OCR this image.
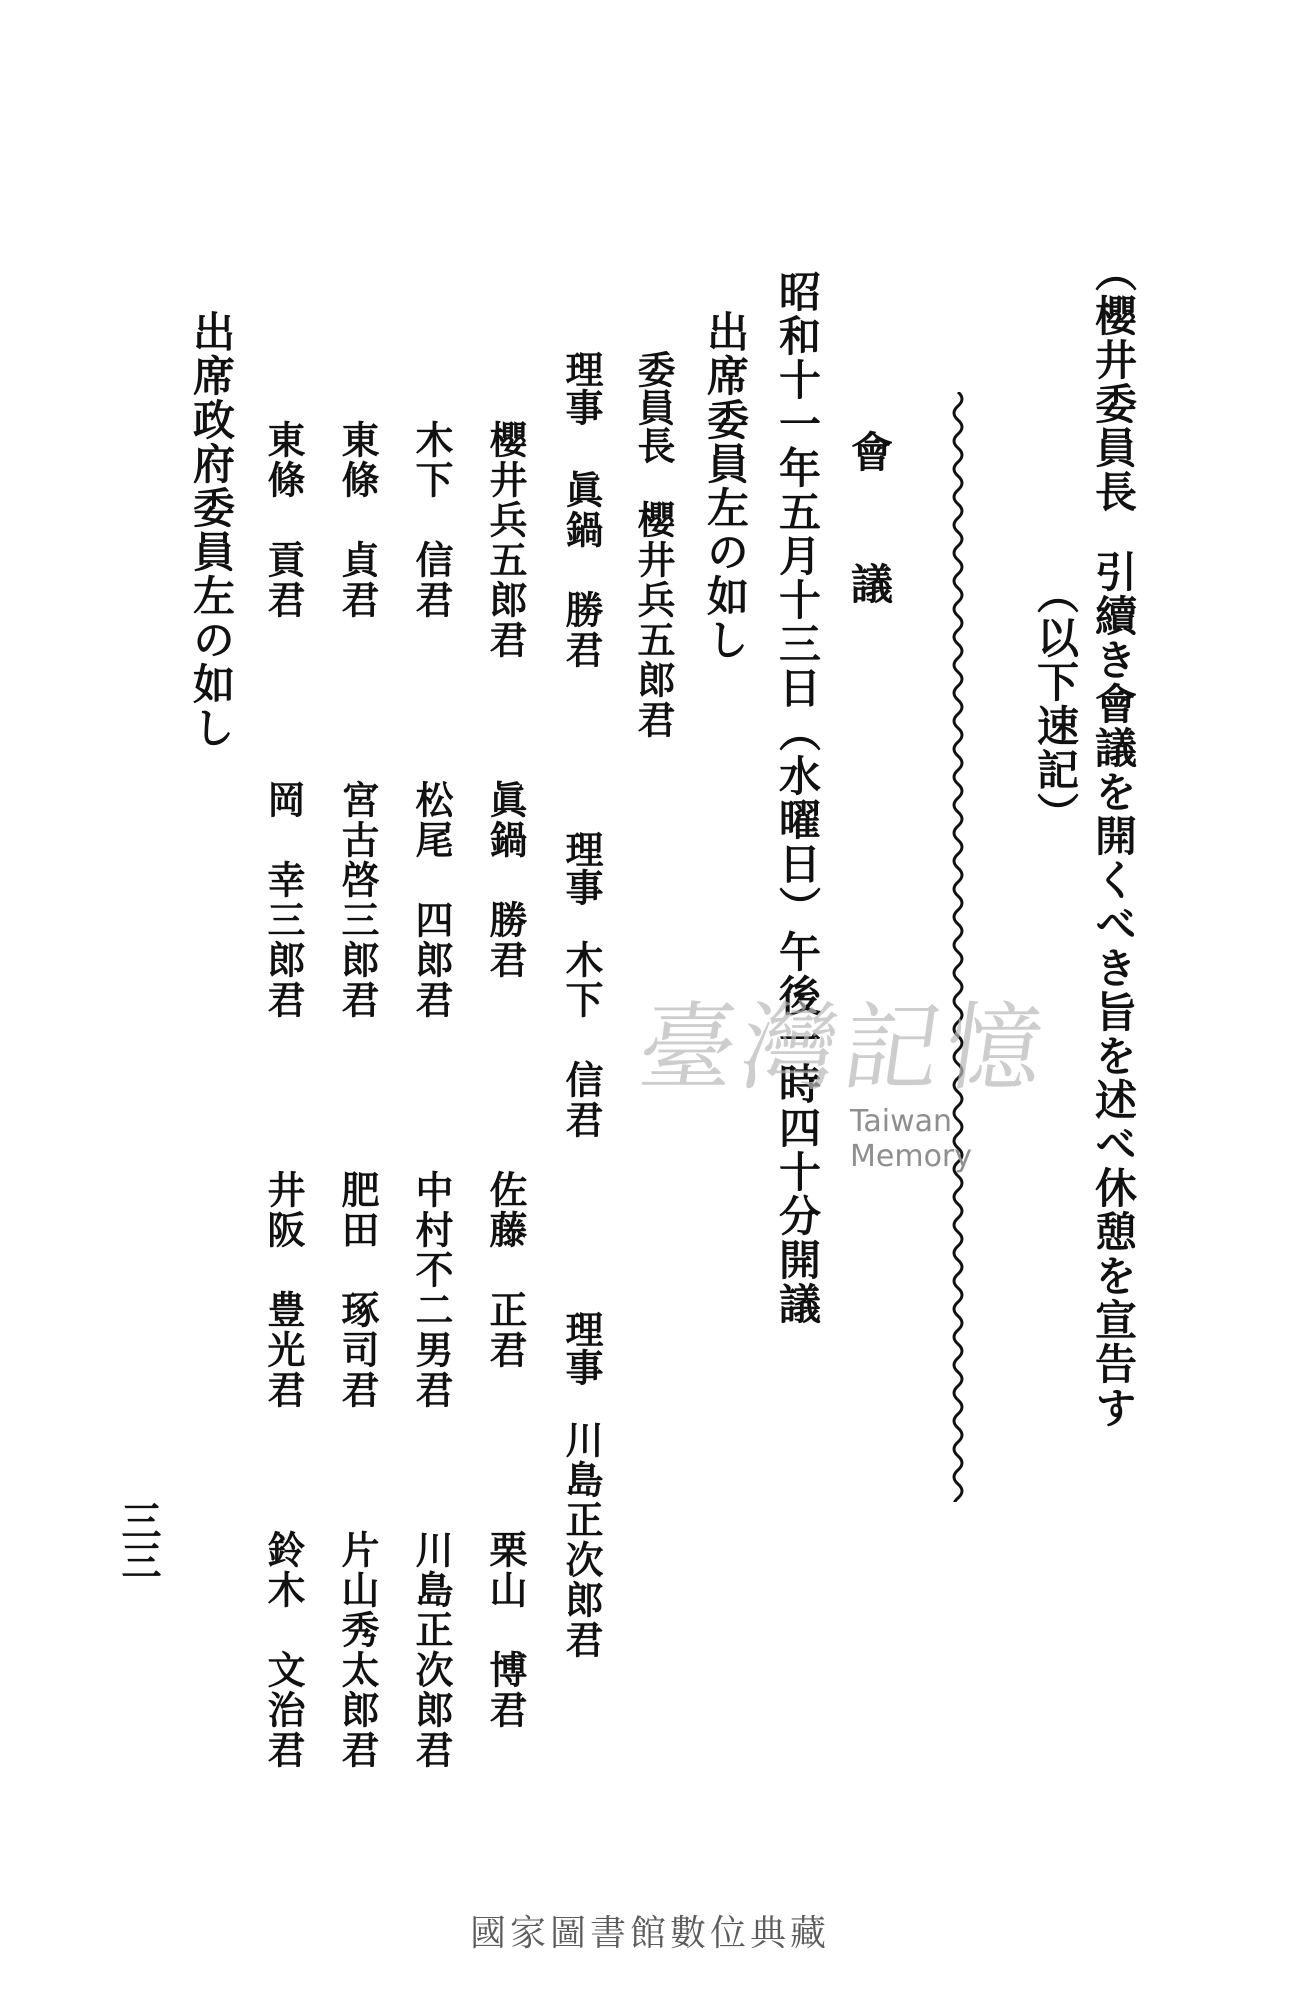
（櫻井委員長引續き會議を開くべき旨を述べ休憩を宣告す
（以下速記）
會　　議
昭和十一年五月十三日（水曜日）午後一時四十分開議
出席委員左の如し
委員長
櫻井兵五郎君
理事
眞鍋　勝君
理事
木下　信君
理事
川島正次郎君
櫻井兵五郎君
眞鍋　勝君
佐藤　正君
栗山　博君
木下　信君
松尾　四郎君
中村不二男君
川島正次郎君
東條　貞君
宮古啓三郎君
肥田　琢司君
片山秀太郎君
東條　貢君
岡　幸三郎君
井阪　豊光君
鈴木　文治君
出席政府委員左の如し
三三
臺灣記憶
Taiwan Memory
國家圖書館數位典藏
